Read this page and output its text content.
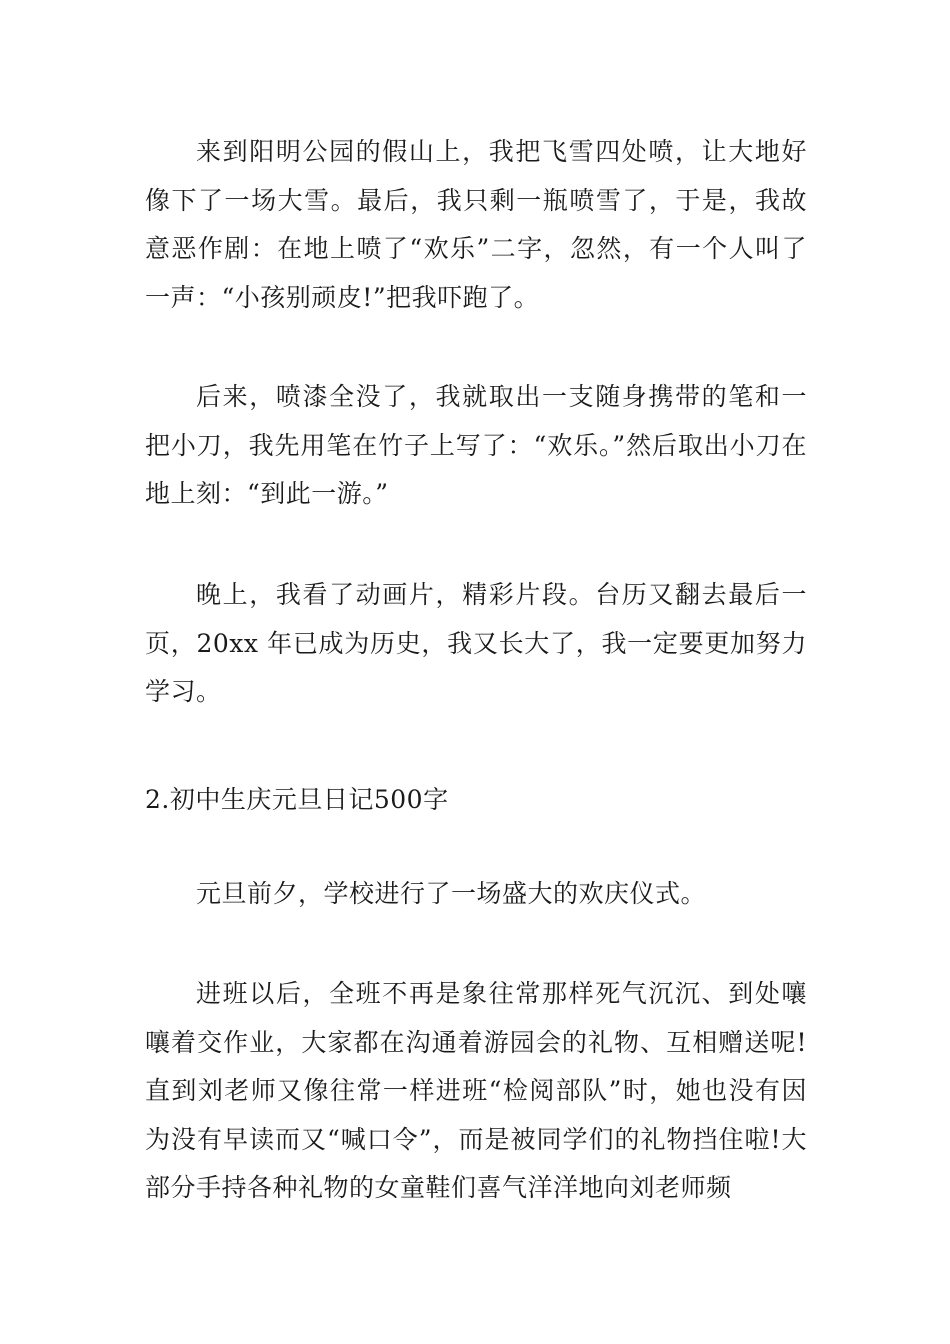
来到阳明公园的假山上，我把飞雪四处喷，让大地好像下了一场大雪。最后，我只剩一瓶喷雪了，于是，我故意恶作剧：在地上喷了“欢乐”二字，忽然，有一个人叫了一声：“小孩别顽皮!”把我吓跑了。

后来，喷漆全没了，我就取出一支随身携带的笔和一把小刀，我先用笔在竹子上写了：“欢乐。”然后取出小刀在地上刻：“到此一游。”

晚上，我看了动画片，精彩片段。台历又翻去最后一页，20xx 年已成为历史，我又长大了，我一定要更加努力学习。

2.初中生庆元旦日记500字

元旦前夕，学校进行了一场盛大的欢庆仪式。

进班以后，全班不再是象往常那样死气沉沉、到处嚷嚷着交作业，大家都在沟通着游园会的礼物、互相赠送呢!直到刘老师又像往常一样进班“检阅部队”时，她也没有因为没有早读而又“喊口令”，而是被同学们的礼物挡住啦!大部分手持各种礼物的女童鞋们喜气洋洋地向刘老师频
